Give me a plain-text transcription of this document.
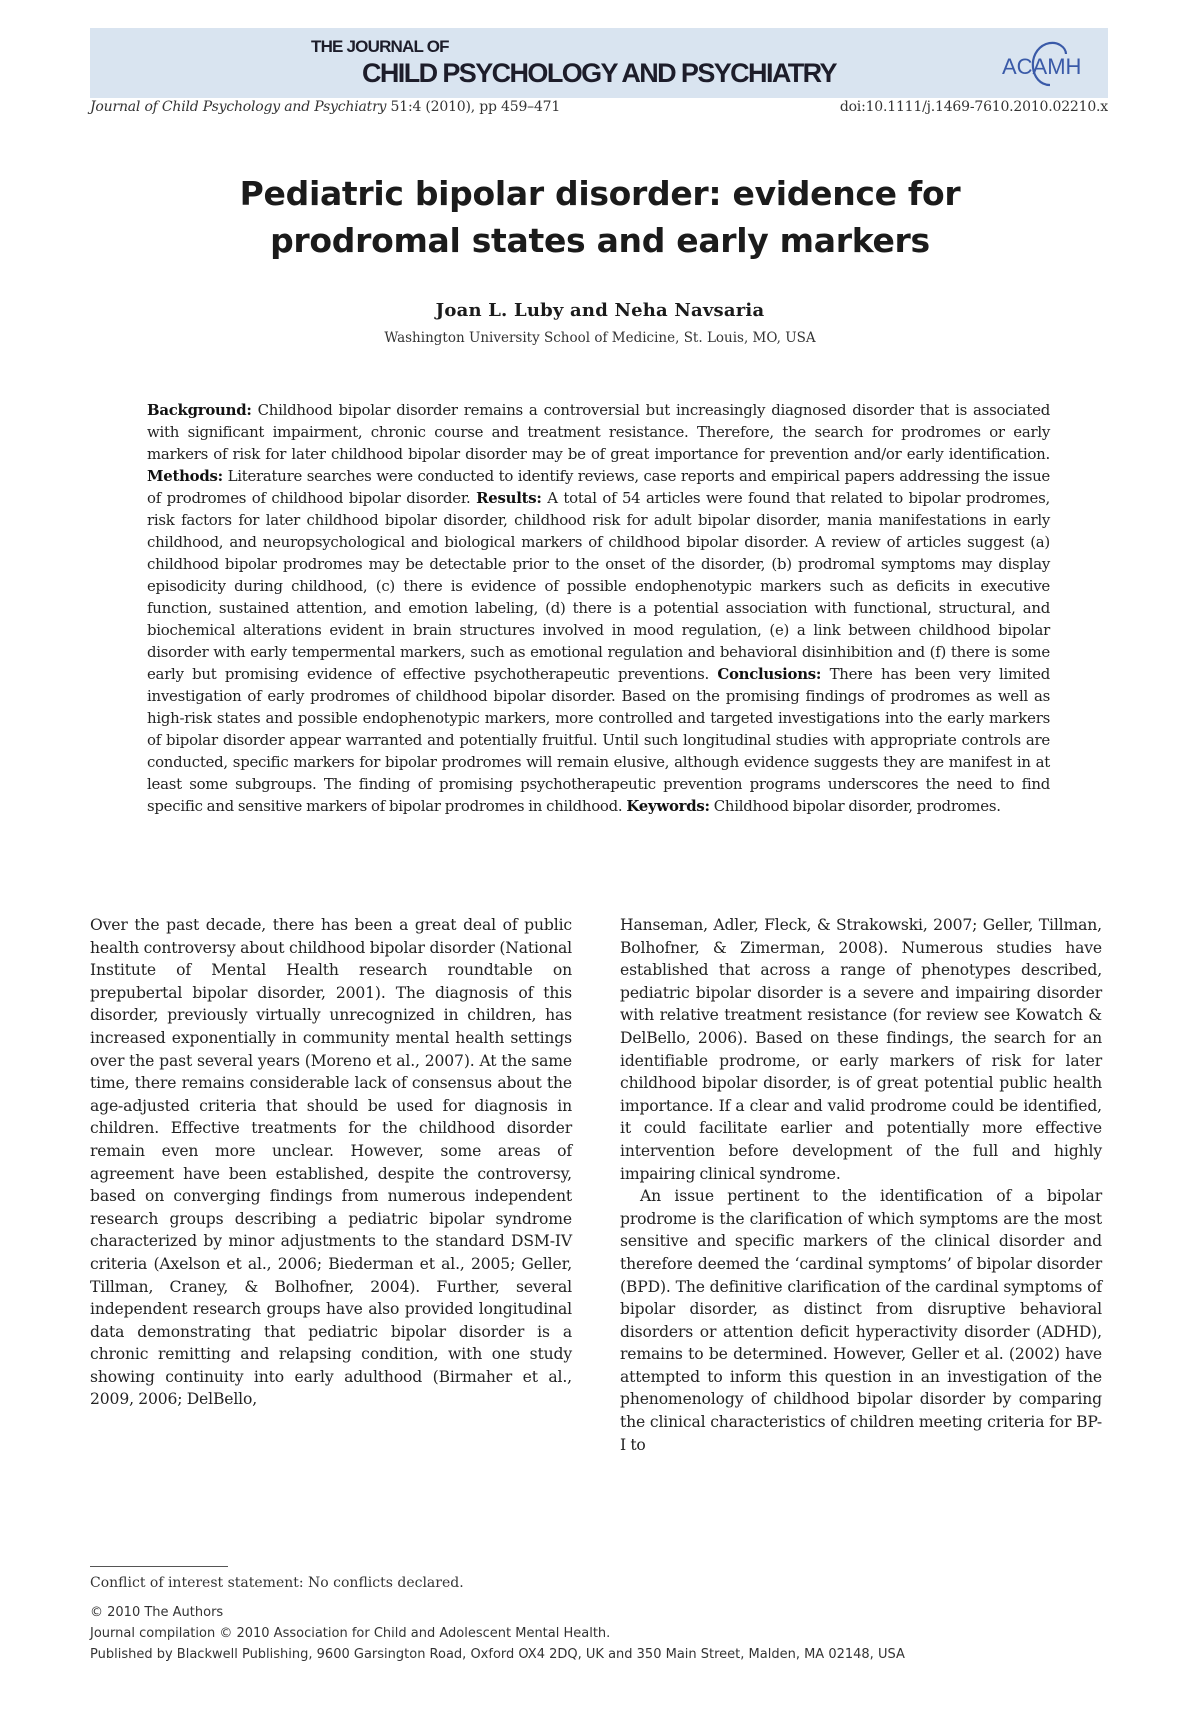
THE JOURNAL OF
CHILD PSYCHOLOGY AND PSYCHIATRY	ACAMH
Journal of Child Psychology and Psychiatry 51:4 (2010), pp 459–471	doi:10.1111/j.1469-7610.2010.02210.x
Pediatric bipolar disorder: evidence for
prodromal states and early markers
Joan L. Luby and Neha Navsaria
Washington University School of Medicine, St. Louis, MO, USA
Background: Childhood bipolar disorder remains a controversial but increasingly diagnosed disorder that is associated with significant impairment, chronic course and treatment resistance. Therefore, the search for prodromes or early markers of risk for later childhood bipolar disorder may be of great importance for prevention and/or early identification. Methods: Literature searches were conducted to identify reviews, case reports and empirical papers addressing the issue of prodromes of childhood bipolar disorder. Results: A total of 54 articles were found that related to bipolar prodromes, risk factors for later childhood bipolar disorder, childhood risk for adult bipolar disorder, mania manifestations in early childhood, and neuropsychological and biological markers of childhood bipolar disorder. A review of articles suggest (a) childhood bipolar prodromes may be detectable prior to the onset of the disorder, (b) prodromal symptoms may display episodicity during childhood, (c) there is evidence of possible endophenotypic markers such as deficits in executive function, sustained attention, and emotion labeling, (d) there is a potential association with functional, structural, and biochemical alterations evident in brain structures involved in mood regulation, (e) a link between childhood bipolar disorder with early tempermental markers, such as emotional regulation and behavioral disinhibition and (f) there is some early but promising evidence of effective psychotherapeutic preventions. Conclusions: There has been very limited investigation of early prodromes of childhood bipolar disorder. Based on the promising findings of prodromes as well as high-risk states and possible endophenotypic markers, more controlled and targeted investigations into the early markers of bipolar disorder appear warranted and potentially fruitful. Until such longitudinal studies with appropriate controls are conducted, specific markers for bipolar prodromes will remain elusive, although evidence suggests they are manifest in at least some subgroups. The finding of promising psychotherapeutic prevention programs underscores the need to find specific and sensitive markers of bipolar prodromes in childhood. Keywords: Childhood bipolar disorder, prodromes.

Over the past decade, there has been a great deal of public health controversy about childhood bipolar disorder (National Institute of Mental Health research roundtable on prepubertal bipolar disorder, 2001). The diagnosis of this disorder, previously virtually unrecognized in children, has increased exponentially in community mental health settings over the past several years (Moreno et al., 2007). At the same time, there remains considerable lack of consensus about the age-adjusted criteria that should be used for diagnosis in children. Effective treatments for the childhood disorder remain even more unclear. However, some areas of agreement have been established, despite the controversy, based on converging findings from numerous independent research groups describing a pediatric bipolar syndrome characterized by minor adjustments to the standard DSM-IV criteria (Axelson et al., 2006; Biederman et al., 2005; Geller, Tillman, Craney, & Bolhofner, 2004). Further, several independent research groups have also provided longitudinal data demonstrating that pediatric bipolar disorder is a chronic remitting and relapsing condition, with one study showing continuity into early adulthood (Birmaher et al., 2009, 2006; DelBello,

Hanseman, Adler, Fleck, & Strakowski, 2007; Geller, Tillman, Bolhofner, & Zimerman, 2008). Numerous studies have established that across a range of phenotypes described, pediatric bipolar disorder is a severe and impairing disorder with relative treatment resistance (for review see Kowatch & DelBello, 2006). Based on these findings, the search for an identifiable prodrome, or early markers of risk for later childhood bipolar disorder, is of great potential public health importance. If a clear and valid prodrome could be identified, it could facilitate earlier and potentially more effective intervention before development of the full and highly impairing clinical syndrome.

An issue pertinent to the identification of a bipolar prodrome is the clarification of which symptoms are the most sensitive and specific markers of the clinical disorder and therefore deemed the ‘cardinal symptoms’ of bipolar disorder (BPD). The definitive clarification of the cardinal symptoms of bipolar disorder, as distinct from disruptive behavioral disorders or attention deficit hyperactivity disorder (ADHD), remains to be determined. However, Geller et al. (2002) have attempted to inform this question in an investigation of the phenomenology of childhood bipolar disorder by comparing the clinical characteristics of children meeting criteria for BP-I to

Conflict of interest statement: No conflicts declared.
© 2010 The Authors
Journal compilation © 2010 Association for Child and Adolescent Mental Health.
Published by Blackwell Publishing, 9600 Garsington Road, Oxford OX4 2DQ, UK and 350 Main Street, Malden, MA 02148, USA
